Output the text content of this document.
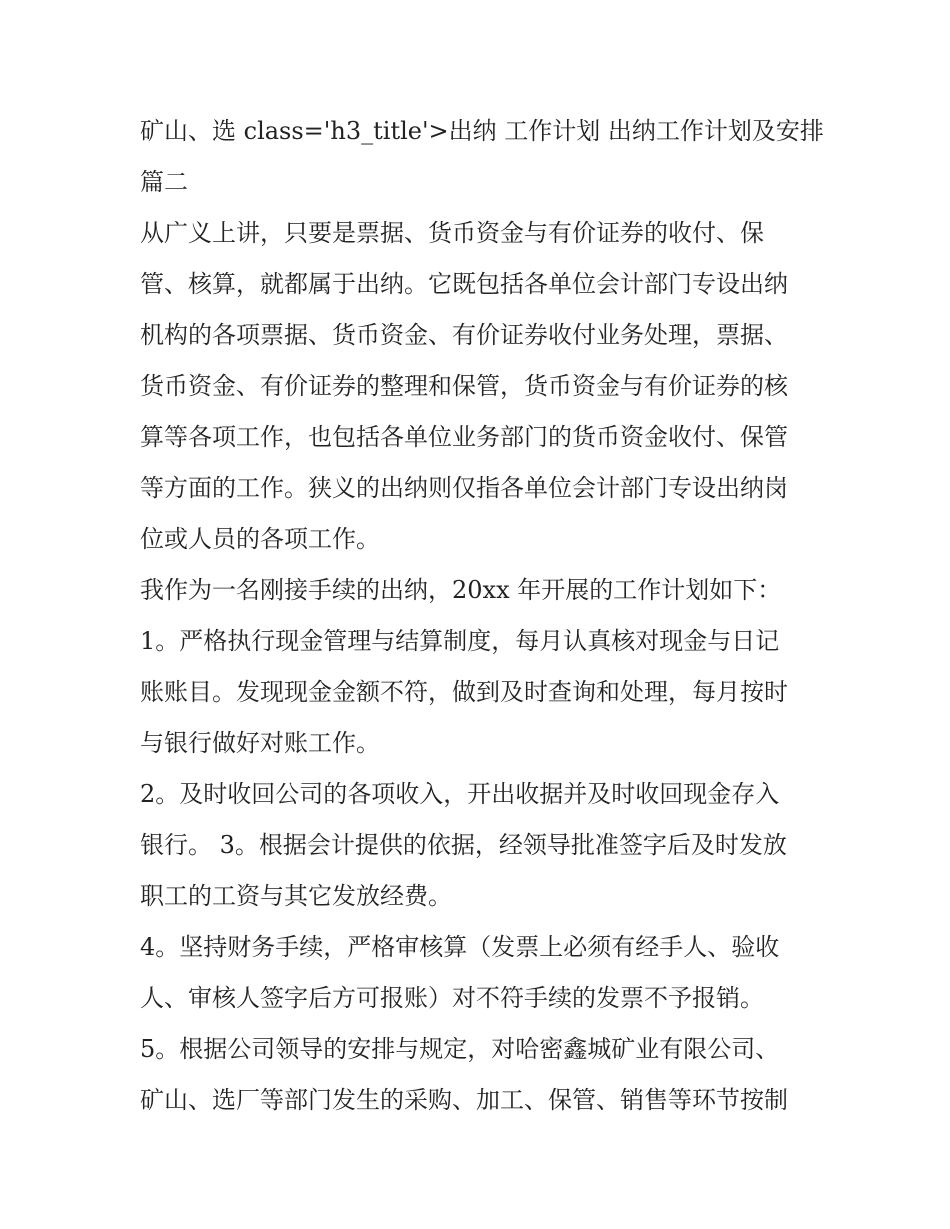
矿山、选 class='h3_title'>出纳 工作计划 出纳工作计划及安排
篇二
从广义上讲，只要是票据、货币资金与有价证券的收付、保
管、核算，就都属于出纳。它既包括各单位会计部门专设出纳
机构的各项票据、货币资金、有价证券收付业务处理，票据、
货币资金、有价证券的整理和保管，货币资金与有价证券的核
算等各项工作，也包括各单位业务部门的货币资金收付、保管
等方面的工作。狭义的出纳则仅指各单位会计部门专设出纳岗
位或人员的各项工作。
我作为一名刚接手续的出纳，20xx 年开展的工作计划如下：
1。严格执行现金管理与结算制度，每月认真核对现金与日记
账账目。发现现金金额不符，做到及时查询和处理，每月按时
与银行做好对账工作。
2。及时收回公司的各项收入，开出收据并及时收回现金存入
银行。 3。根据会计提供的依据，经领导批准签字后及时发放
职工的工资与其它发放经费。
4。坚持财务手续，严格审核算（发票上必须有经手人、验收
人、审核人签字后方可报账）对不符手续的发票不予报销。
5。根据公司领导的安排与规定，对哈密鑫城矿业有限公司、
矿山、选厂等部门发生的采购、加工、保管、销售等环节按制
